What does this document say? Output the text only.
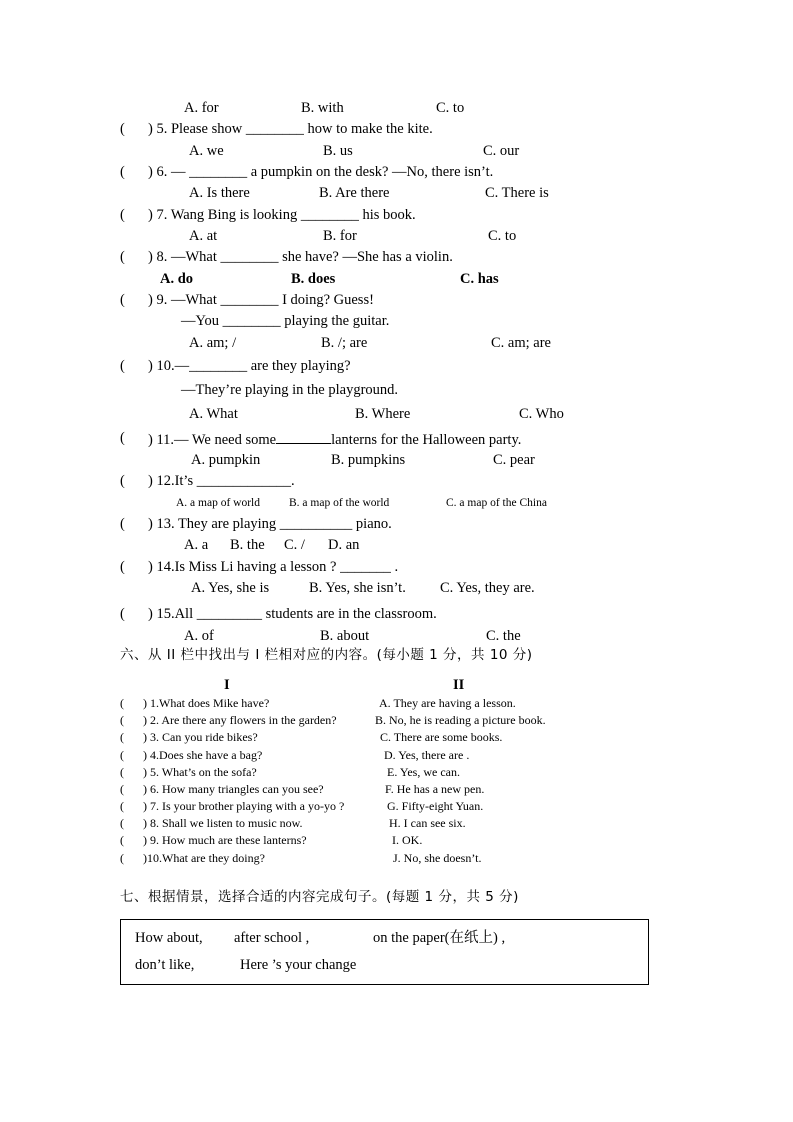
A. for	B. with	C. to
( ) 5. Please show ________ how to make the kite.
A. we	B. us	C. our
( ) 6. — ________ a pumpkin on the desk? —No, there isn’t.
A. Is there	B. Are there	C. There is
( ) 7. Wang Bing is looking ________ his book.
A. at	B. for	C. to
( ) 8. —What ________ she have? —She has a violin.
A. do	B. does	C. has
( ) 9. —What ________ I doing? Guess!
—You ________ playing the guitar.
A. am; /	B. /; are	C. am; are
( ) 10.—________ are they playing?
—They’re playing in the playground.
A. What	B. Where	C. Who
( ) 11.— We need some	lanterns for the Halloween party.
A. pumpkin	B. pumpkins	C. pear
( ) 12.It’s _____________.
A. a map of world	B. a map of the world	C. a map of the China
( ) 13. They are playing __________ piano.
A. a B. the C. / D. an
( ) 14.Is Miss Li having a lesson ? _______ .
A. Yes, she is	B. Yes, she isn’t. C. Yes, they are.
( ) 15.All _________ students are in the classroom.
A. of	B. about	C. the
六、从 II 栏中找出与 I 栏相对应的内容。(每小题 1 分，共 10 分)
I	II
( ) 1.What does Mike have?	A. They are having a lesson.
( ) 2. Are there any flowers in the garden?	B. No, he is reading a picture book.
( ) 3. Can you ride bikes?	C. There are some books.
( ) 4.Does she have a bag?	D. Yes, there are .
( ) 5. What’s on the sofa?	E. Yes, we can.
( ) 6. How many triangles can you see?	F. He has a new pen.
( ) 7. Is your brother playing with a yo-yo ?	G. Fifty-eight Yuan.
( ) 8. Shall we listen to music now.	H. I can see six.
( ) 9. How much are these lanterns?	I. OK.
( )10.What are they doing?	J. No, she doesn’t.
七、根据情景，选择合适的内容完成句子。(每题 1 分，共 5 分)
How about, after school ,	on the paper(在纸上) ,
don’t like,	Here ’s your change
